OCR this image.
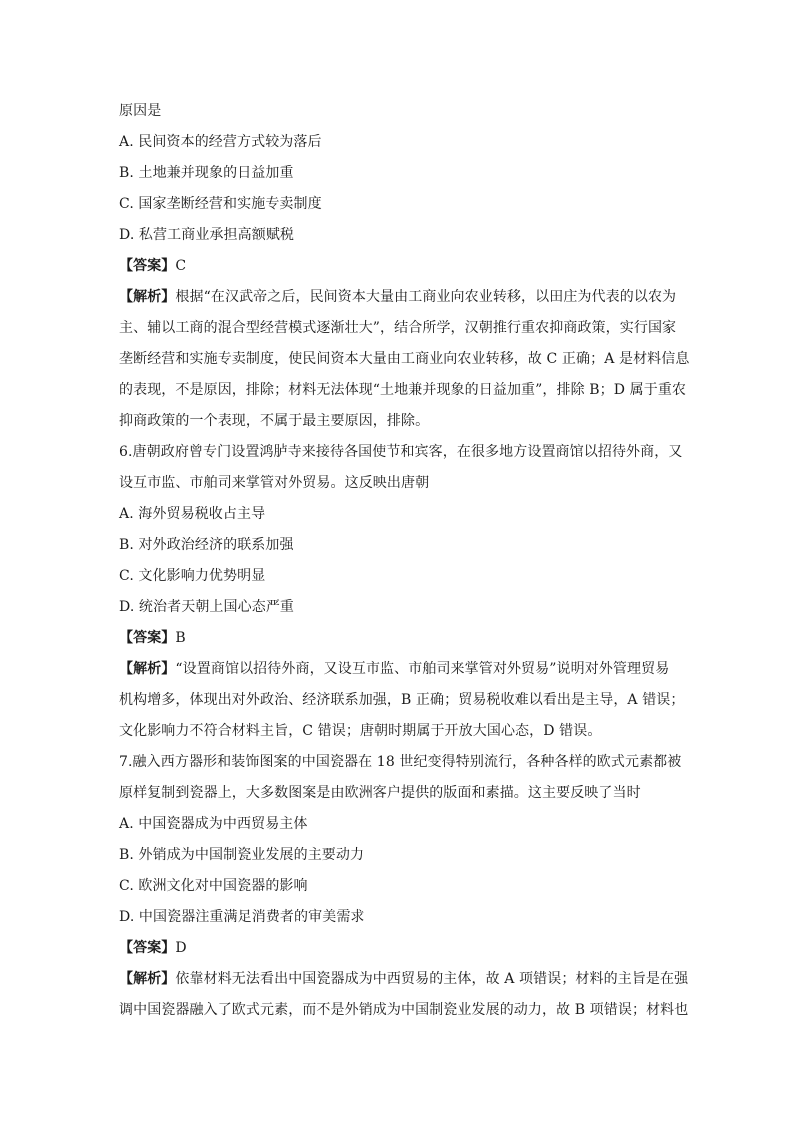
原因是
A. 民间资本的经营方式较为落后
B. 土地兼并现象的日益加重
C. 国家垄断经营和实施专卖制度
D. 私营工商业承担高额赋税
【答案】C
【解析】根据“在汉武帝之后，民间资本大量由工商业向农业转移，以田庄为代表的以农为
主、辅以工商的混合型经营模式逐渐壮大”，结合所学，汉朝推行重农抑商政策，实行国家
垄断经营和实施专卖制度，使民间资本大量由工商业向农业转移，故 C 正确；A 是材料信息
的表现，不是原因，排除；材料无法体现“土地兼并现象的日益加重”，排除 B；D 属于重农
抑商政策的一个表现，不属于最主要原因，排除。
6.唐朝政府曾专门设置鸿胪寺来接待各国使节和宾客，在很多地方设置商馆以招待外商，又
设互市监、市舶司来掌管对外贸易。这反映出唐朝
A. 海外贸易税收占主导
B. 对外政治经济的联系加强
C. 文化影响力优势明显
D. 统治者天朝上国心态严重
【答案】B
【解析】“设置商馆以招待外商，又设互市监、市舶司来掌管对外贸易”说明对外管理贸易
机构增多，体现出对外政治、经济联系加强，B 正确；贸易税收难以看出是主导，A 错误；
文化影响力不符合材料主旨，C 错误；唐朝时期属于开放大国心态，D 错误。
7.融入西方器形和装饰图案的中国瓷器在 18 世纪变得特别流行，各种各样的欧式元素都被
原样复制到瓷器上，大多数图案是由欧洲客户提供的版面和素描。这主要反映了当时
A. 中国瓷器成为中西贸易主体
B. 外销成为中国制瓷业发展的主要动力
C. 欧洲文化对中国瓷器的影响
D. 中国瓷器注重满足消费者的审美需求
【答案】D
【解析】依靠材料无法看出中国瓷器成为中西贸易的主体，故 A 项错误；材料的主旨是在强
调中国瓷器融入了欧式元素，而不是外销成为中国制瓷业发展的动力，故 B 项错误；材料也
